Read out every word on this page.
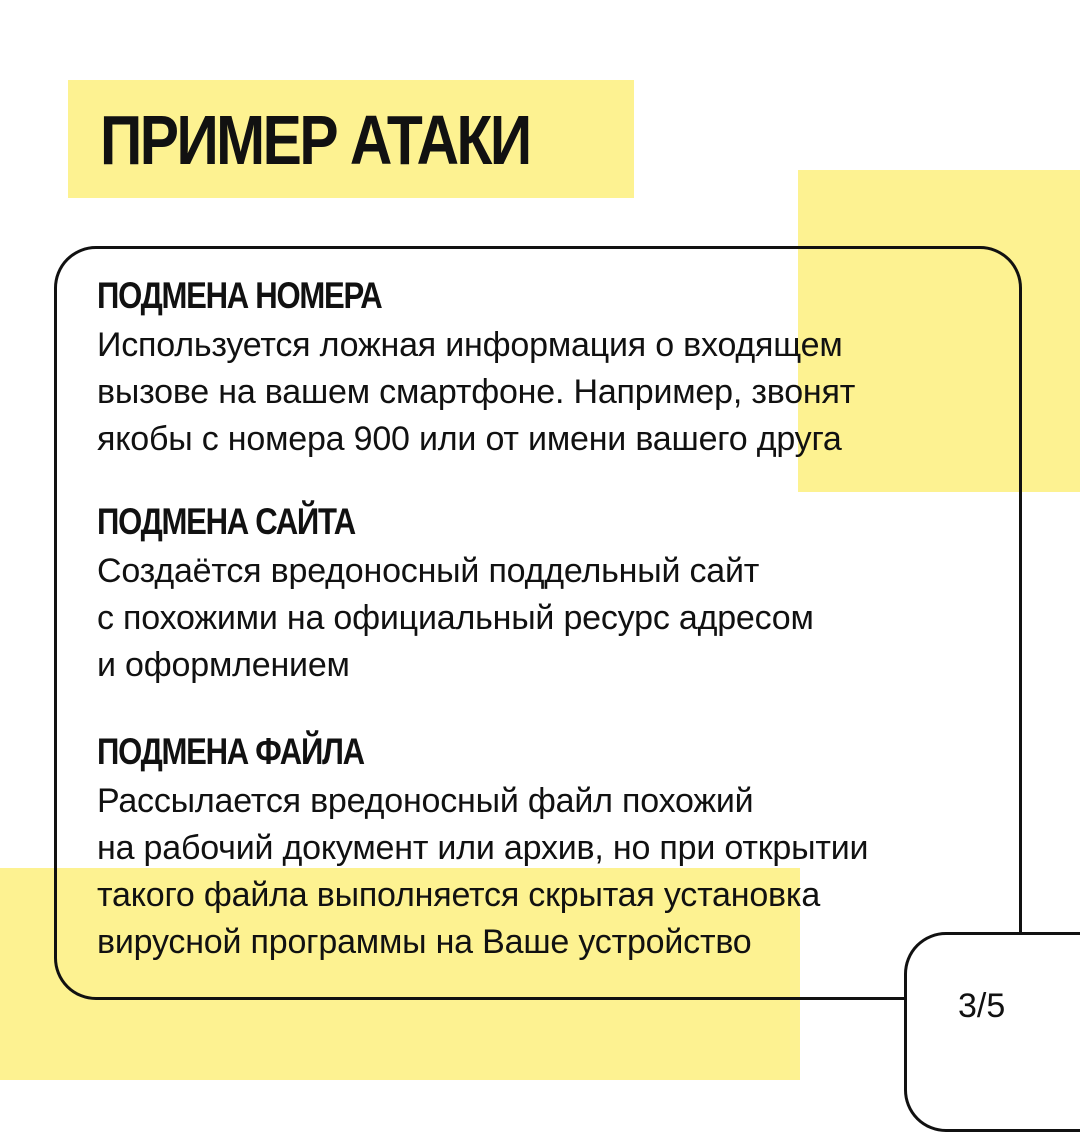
ПРИМЕР АТАКИ
ПОДМЕНА НОМЕРА
Используется ложная информация о входящем
вызове на вашем смартфоне. Например, звонят
якобы с номера 900 или от имени вашего друга
ПОДМЕНА САЙТА
Создаётся вредоносный поддельный сайт
с похожими на официальный ресурс адресом
и оформлением
ПОДМЕНА ФАЙЛА
Рассылается вредоносный файл похожий
на рабочий документ или архив, но при открытии
такого файла выполняется скрытая установка
вирусной программы на Ваше устройство
3/5
